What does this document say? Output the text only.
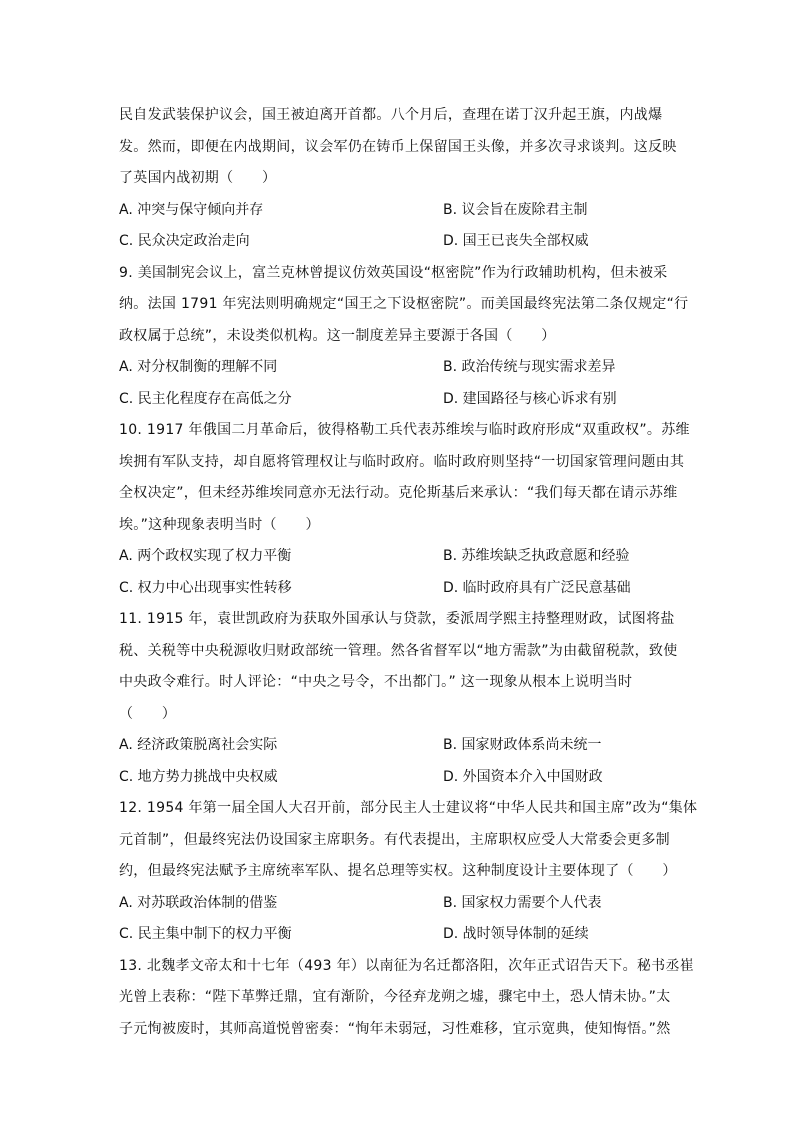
民自发武装保护议会，国王被迫离开首都。八个月后，查理在诺丁汉升起王旗，内战爆
发。然而，即便在内战期间，议会军仍在铸币上保留国王头像，并多次寻求谈判。这反映
了英国内战初期（　　）
A. 冲突与保守倾向并存	B. 议会旨在废除君主制
C. 民众决定政治走向	D. 国王已丧失全部权威
9. 美国制宪会议上，富兰克林曾提议仿效英国设“枢密院”作为行政辅助机构，但未被采
纳。法国 1791 年宪法则明确规定“国王之下设枢密院”。而美国最终宪法第二条仅规定“行
政权属于总统”，未设类似机构。这一制度差异主要源于各国（　　）
A. 对分权制衡的理解不同	B. 政治传统与现实需求差异
C. 民主化程度存在高低之分	D. 建国路径与核心诉求有别
10. 1917 年俄国二月革命后，彼得格勒工兵代表苏维埃与临时政府形成“双重政权”。苏维
埃拥有军队支持，却自愿将管理权让与临时政府。临时政府则坚持“一切国家管理问题由其
全权决定”，但未经苏维埃同意亦无法行动。克伦斯基后来承认：“我们每天都在请示苏维
埃。”这种现象表明当时（　　）
A. 两个政权实现了权力平衡	B. 苏维埃缺乏执政意愿和经验
C. 权力中心出现事实性转移	D. 临时政府具有广泛民意基础
11. 1915 年，袁世凯政府为获取外国承认与贷款，委派周学熙主持整理财政，试图将盐
税、关税等中央税源收归财政部统一管理。然各省督军以“地方需款”为由截留税款，致使
中央政令难行。时人评论：“中央之号令，不出都门。” 这一现象从根本上说明当时
（　　）
A. 经济政策脱离社会实际	B. 国家财政体系尚未统一
C. 地方势力挑战中央权威	D. 外国资本介入中国财政
12. 1954 年第一届全国人大召开前，部分民主人士建议将“中华人民共和国主席”改为“集体
元首制”，但最终宪法仍设国家主席职务。有代表提出，主席职权应受人大常委会更多制
约，但最终宪法赋予主席统率军队、提名总理等实权。这种制度设计主要体现了（　　）
A. 对苏联政治体制的借鉴	B. 国家权力需要个人代表
C. 民主集中制下的权力平衡	D. 战时领导体制的延续
13. 北魏孝文帝太和十七年（493 年）以南征为名迁都洛阳，次年正式诏告天下。秘书丞崔
光曾上表称：“陛下革弊迁鼎，宜有渐阶，今径弃龙朔之墟，骤宅中土，恐人情未协。”太
子元恂被废时，其师高道悦曾密奏：“恂年未弱冠，习性难移，宜示宽典，使知悔悟。”然
